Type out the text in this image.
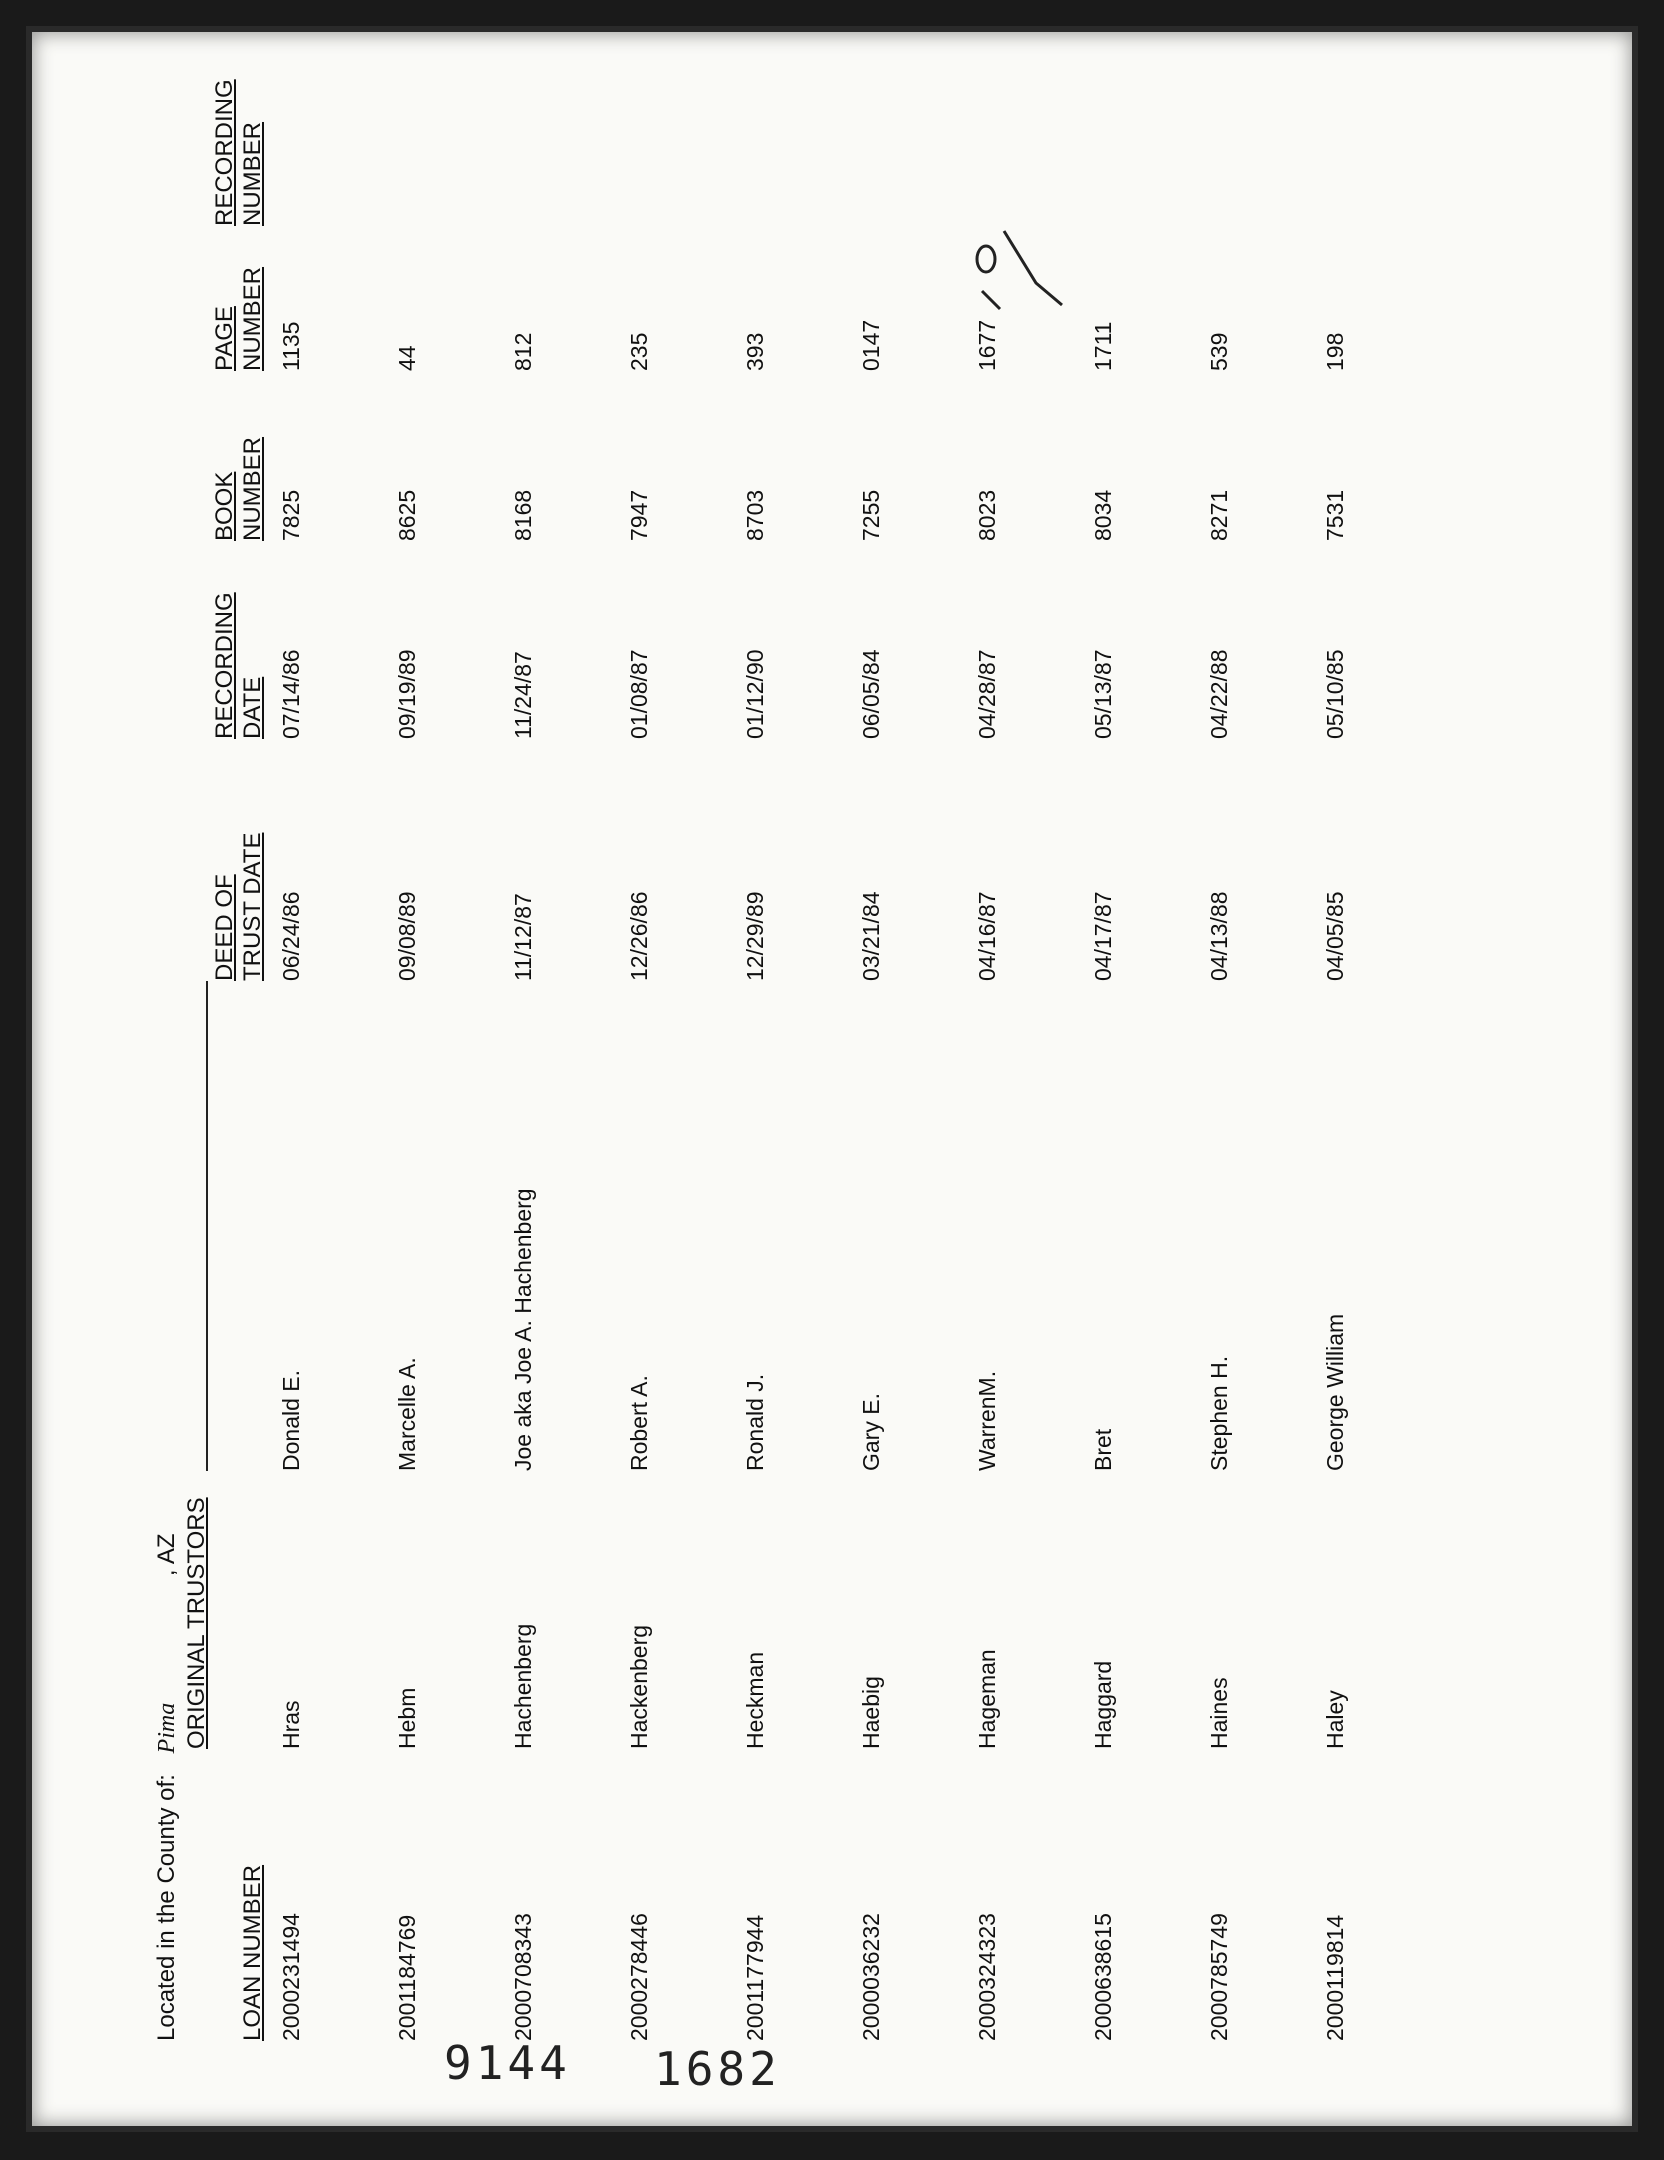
Located in the County of: Pima , AZ
LOAN NUMBER
ORIGINAL TRUSTORS
DEED OF TRUST DATE
RECORDING DATE
BOOK NUMBER
PAGE NUMBER
RECORDING NUMBER
2000231494
Hras
Donald E.
06/24/86
07/14/86
7825
1135
2001184769
Hebm
Marcelle A.
09/08/89
09/19/89
8625
44
2000708343
Hachenberg
Joe aka Joe A. Hachenberg
11/12/87
11/24/87
8168
812
2000278446
Hackenberg
Robert A.
12/26/86
01/08/87
7947
235
2001177944
Heckman
Ronald J.
12/29/89
01/12/90
8703
393
2000036232
Haebig
Gary E.
03/21/84
06/05/84
7255
0147
2000324323
Hageman
WarrenM.
04/16/87
04/28/87
8023
1677
2000638615
Haggard
Bret
04/17/87
05/13/87
8034
1711
2000785749
Haines
Stephen H.
04/13/88
04/22/88
8271
539
2000119814
Haley
George William
04/05/85
05/10/85
7531
198
9144 1682
